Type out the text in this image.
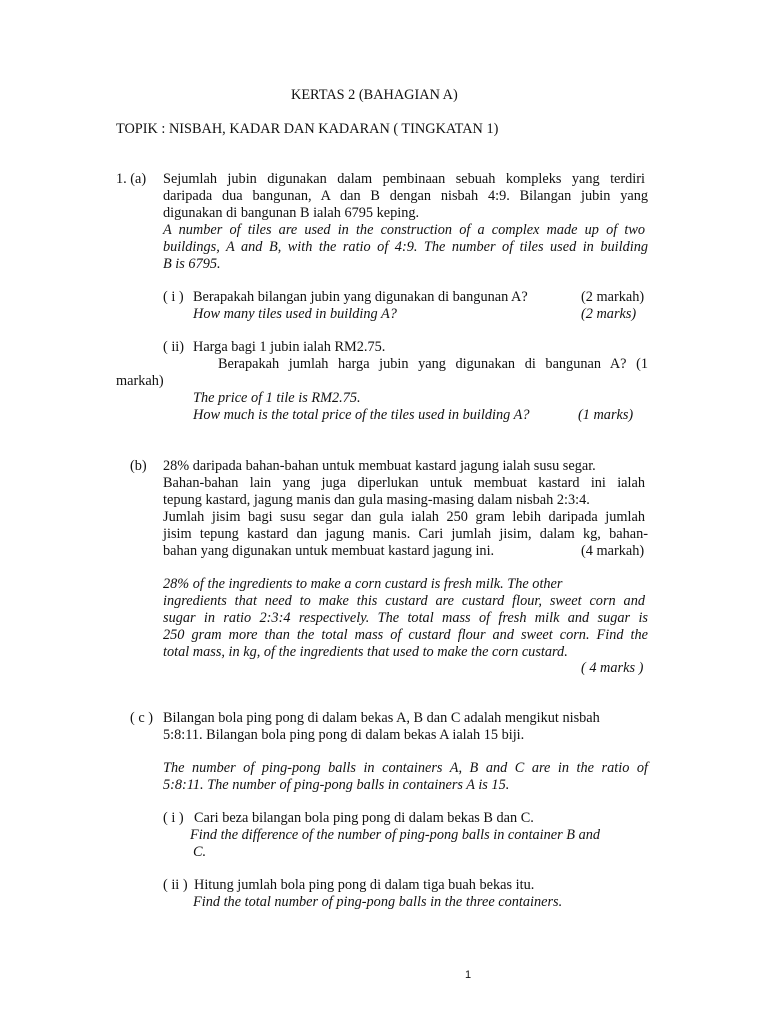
KERTAS 2 (BAHAGIAN A)
TOPIK : NISBAH, KADAR DAN KADARAN ( TINGKATAN 1)
1. (a) Sejumlah jubin digunakan dalam pembinaan sebuah kompleks yang terdiri
daripada dua bangunan, A dan B dengan nisbah 4:9. Bilangan jubin yang
digunakan di bangunan B ialah 6795 keping.
A number of tiles are used in the construction of a complex made up of two
buildings, A and B, with the ratio of 4:9. The number of tiles used in building
B is 6795.
( i ) Berapakah bilangan jubin yang digunakan di bangunan A?	(2 markah)
How many tiles used in building A?	(2 marks)
( ii) Harga bagi 1 jubin ialah RM2.75.
Berapakah jumlah harga jubin yang digunakan di bangunan A? (1
markah)
The price of 1 tile is RM2.75.
How much is the total price of the tiles used in building A?	(1 marks)
(b) 28% daripada bahan-bahan untuk membuat kastard jagung ialah susu segar.
Bahan-bahan lain yang juga diperlukan untuk membuat kastard ini ialah
tepung kastard, jagung manis dan gula masing-masing dalam nisbah 2:3:4.
Jumlah jisim bagi susu segar dan gula ialah 250 gram lebih daripada jumlah
jisim tepung kastard dan jagung manis. Cari jumlah jisim, dalam kg, bahan-
bahan yang digunakan untuk membuat kastard jagung ini.	(4 markah)
28% of the ingredients to make a corn custard is fresh milk. The other
ingredients that need to make this custard are custard flour, sweet corn and
sugar in ratio 2:3:4 respectively. The total mass of fresh milk and sugar is
250 gram more than the total mass of custard flour and sweet corn. Find the
total mass, in kg, of the ingredients that used to make the corn custard.
( 4 marks )
( c ) Bilangan bola ping pong di dalam bekas A, B dan C adalah mengikut nisbah
5:8:11. Bilangan bola ping pong di dalam bekas A ialah 15 biji.
The number of ping-pong balls in containers A, B and C are in the ratio of
5:8:11. The number of ping-pong balls in containers A is 15.
( i ) Cari beza bilangan bola ping pong di dalam bekas B dan C.
Find the difference of the number of ping-pong balls in container B and
C.
( ii ) Hitung jumlah bola ping pong di dalam tiga buah bekas itu.
Find the total number of ping-pong balls in the three containers.
1
